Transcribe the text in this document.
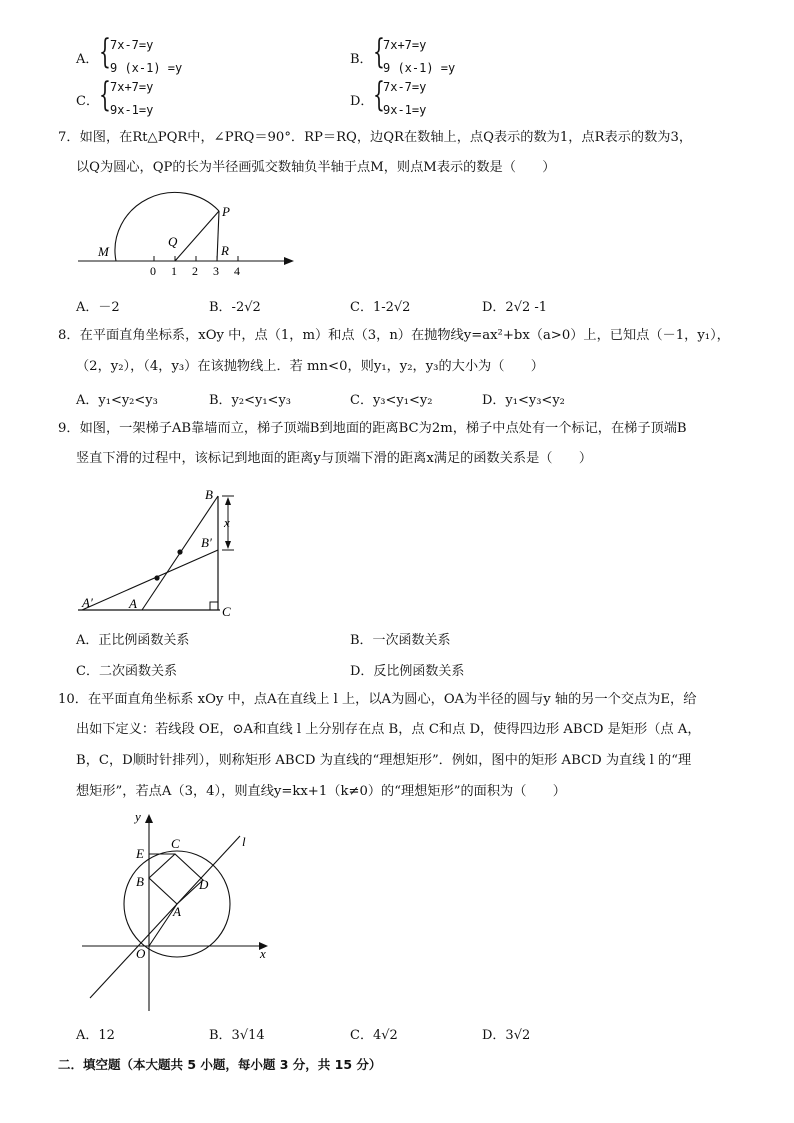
A． { 7x-7=y
9 (x-1) =y
B． {
7x+7=y
9 (x-1) =y
C． { 7x+7=y
9x-1=y
D． {
7x-7=y
9x-1=y
7．如图，在Rt△PQR中，∠PRQ＝90°．RP＝RQ，边QR在数轴上，点Q表示的数为1，点R表示的数为3，
以Q为圆心，QP的长为半径画弧交数轴负半轴于点M，则点M表示的数是（　　）
M
Q
P
R
0 1 2 3 4
A．－2	B．-2√2	C．1-2√2	D．2√2 -1
8．在平面直角坐标系，xOy 中，点（1，m）和点（3，n）在抛物线y=ax²+bx（a>0）上，已知点（－1，y₁），
（2，y₂），（4，y₃）在该抛物线上．若 mn<0，则y₁，y₂，y₃的大小为（　　）
A．y₁<y₂<y₃	B．y₂<y₁<y₃	C．y₃<y₁<y₂	D．y₁<y₃<y₂
9．如图，一架梯子AB靠墙而立，梯子顶端B到地面的距离BC为2m，梯子中点处有一个标记，在梯子顶端B
竖直下滑的过程中，该标记到地面的距离y与顶端下滑的距离x满足的函数关系是（　　）
B
B′
x
A′	A
C
A．正比例函数关系	B．一次函数关系
C．二次函数关系	D．反比例函数关系
10．在平面直角坐标系 xOy 中，点A在直线上 l 上，以A为圆心，OA为半径的圆与y 轴的另一个交点为E，给
出如下定义：若线段 OE，⊙A和直线 l 上分别存在点 B，点 C和点 D，使得四边形 ABCD 是矩形（点 A，
B，C，D顺时针排列），则称矩形 ABCD 为直线的“理想矩形”．例如，图中的矩形 ABCD 为直线 l 的“理
想矩形”，若点A（3，4），则直线y=kx+1（k≠0）的“理想矩形”的面积为（　　）
y
x
O
E
B
C
D
A
l
A．12	B．3√14	C．4√2	D．3√2
二．填空题（本大题共 5 小题，每小题 3 分，共 15 分）
